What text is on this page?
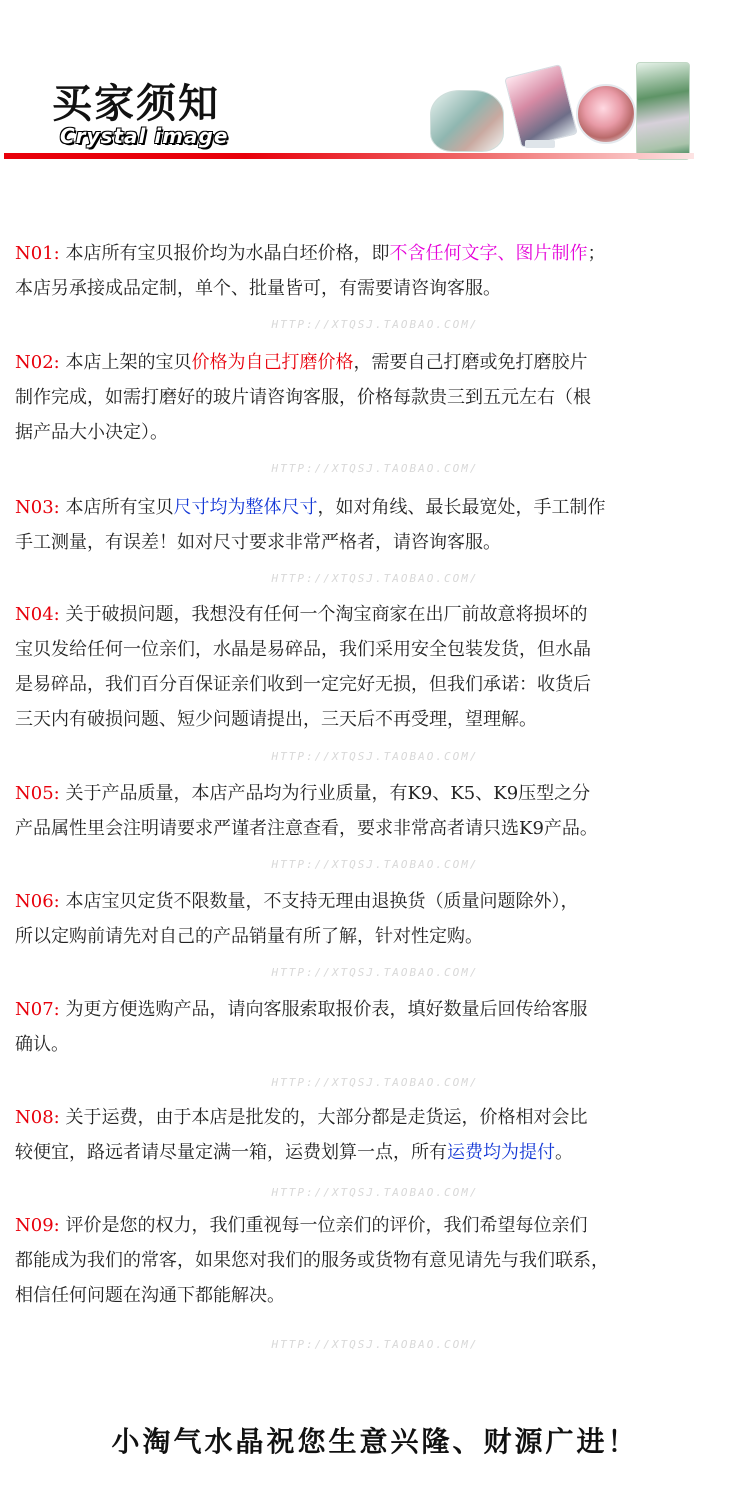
买家须知
Crystal image
N01: 本店所有宝贝报价均为水晶白坯价格，即不含任何文字、图片制作；
本店另承接成品定制，单个、批量皆可，有需要请咨询客服。
HTTP://XTQSJ.TAOBAO.COM/
N02: 本店上架的宝贝价格为自己打磨价格，需要自己打磨或免打磨胶片
制作完成，如需打磨好的玻片请咨询客服，价格每款贵三到五元左右（根
据产品大小决定）。
HTTP://XTQSJ.TAOBAO.COM/
N03: 本店所有宝贝尺寸均为整体尺寸，如对角线、最长最宽处，手工制作
手工测量，有误差！如对尺寸要求非常严格者，请咨询客服。
HTTP://XTQSJ.TAOBAO.COM/
N04: 关于破损问题，我想没有任何一个淘宝商家在出厂前故意将损坏的
宝贝发给任何一位亲们，水晶是易碎品，我们采用安全包装发货，但水晶
是易碎品，我们百分百保证亲们收到一定完好无损，但我们承诺：收货后
三天内有破损问题、短少问题请提出，三天后不再受理，望理解。
HTTP://XTQSJ.TAOBAO.COM/
N05: 关于产品质量，本店产品均为行业质量，有K9、K5、K9压型之分
产品属性里会注明请要求严谨者注意查看，要求非常高者请只选K9产品。
HTTP://XTQSJ.TAOBAO.COM/
N06: 本店宝贝定货不限数量，不支持无理由退换货（质量问题除外），
所以定购前请先对自己的产品销量有所了解，针对性定购。
HTTP://XTQSJ.TAOBAO.COM/
N07: 为更方便选购产品，请向客服索取报价表，填好数量后回传给客服
确认。
HTTP://XTQSJ.TAOBAO.COM/
N08: 关于运费，由于本店是批发的，大部分都是走货运，价格相对会比
较便宜，路远者请尽量定满一箱，运费划算一点，所有运费均为提付。
HTTP://XTQSJ.TAOBAO.COM/
N09: 评价是您的权力，我们重视每一位亲们的评价，我们希望每位亲们
都能成为我们的常客，如果您对我们的服务或货物有意见请先与我们联系，
相信任何问题在沟通下都能解决。
HTTP://XTQSJ.TAOBAO.COM/
小淘气水晶祝您生意兴隆、财源广进！
